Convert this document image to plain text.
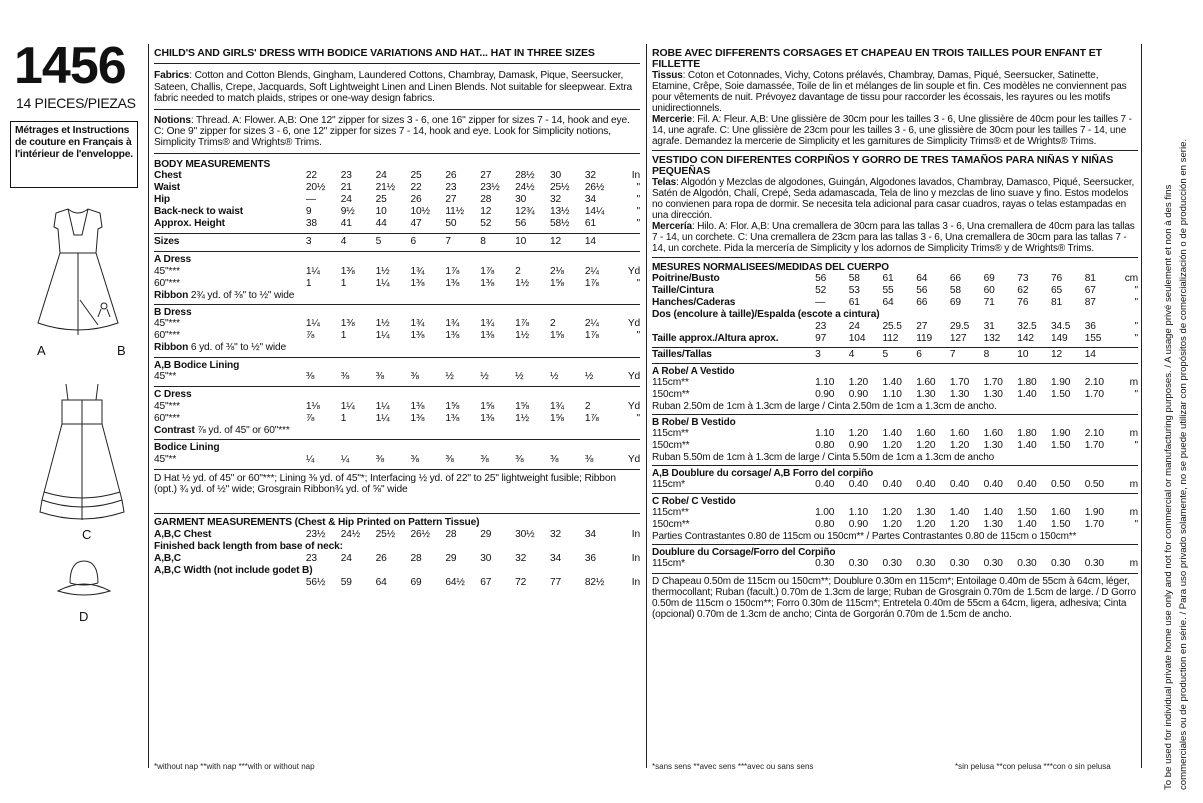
1456
14 PIECES/PIEZAS
Métrages et Instructions de couture en Français à l'intérieur de l'enveloppe.
A	B
C
D
CHILD'S AND GIRLS' DRESS WITH BODICE VARIATIONS AND HAT... HAT IN THREE SIZES
Fabrics: Cotton and Cotton Blends, Gingham, Laundered Cottons, Chambray, Damask, Pique, Seersucker, Sateen, Challis, Crepe, Jacquards, Soft Lightweight Linen and Linen Blends. Not suitable for sleepwear. Extra fabric needed to match plaids, stripes or one-way design fabrics.
Notions: Thread. A: Flower. A,B: One 12" zipper for sizes 3 - 6, one 16" zipper for sizes 7 - 14, hook and eye. C: One 9" zipper for sizes 3 - 6, one 12" zipper for sizes 7 - 14, hook and eye. Look for Simplicity notions, Simplicity Trims® and Wrights® Trims.
BODY MEASUREMENTS
Chest	22	23	24	25	26	27	28½	30	32	In
Waist	20½	21	21½	22	23	23½	24½	25½	26½	"
Hip	—	24	25	26	27	28	30	32	34	"
Back-neck to waist	9	9½	10	10½	11½	12	12¾	13½	14¼	"
Approx. Height	38	41	44	47	50	52	56	58½	61	"
Sizes	3	4	5	6	7	8	10	12	14	
A Dress
45"***	1¼	1⅜	1½	1¾	1⅞	1⅞	2	2⅛	2¼	Yd
60"***	1	1	1¼	1⅜	1⅜	1⅜	1½	1⅝	1⅞	"
Ribbon 2¾ yd. of ⅜" to ½" wide
B Dress
45"***	1¼	1⅜	1½	1¾	1¾	1¾	1⅞	2	2¼	Yd
60"***	⅞	1	1¼	1⅜	1⅜	1⅜	1½	1⅝	1⅞	"
Ribbon 6 yd. of ⅜" to ½" wide
A,B Bodice Lining
45"**	⅜	⅜	⅜	⅜	½	½	½	½	½	Yd
C Dress
45"***	1⅛	1¼	1¼	1⅜	1⅝	1⅝	1⅝	1¾	2	Yd
60"***	⅞	1	1¼	1⅜	1⅜	1⅜	1½	1⅝	1⅞	"
Contrast ⅞ yd. of 45" or 60"***
Bodice Lining
45"**	¼	¼	⅜	⅜	⅜	⅜	⅜	⅜	⅜	Yd
D Hat ½ yd. of 45" or 60"***; Lining ⅜ yd. of 45"*; Interfacing ½ yd. of 22" to 25" lightweight fusible; Ribbon (opt.) ¾ yd. of ½" wide; Grosgrain Ribbon¾ yd. of ⅝" wide
GARMENT MEASUREMENTS (Chest & Hip Printed on Pattern Tissue)
A,B,C Chest	23½	24½	25½	26½	28	29	30½	32	34	In
Finished back length from base of neck:										
A,B,C	23	24	26	28	29	30	32	34	36	In
A,B,C Width (not include godet B)										
	56½	59	64	69	64½	67	72	77	82½	In
*without nap **with nap ***with or without nap
ROBE AVEC DIFFERENTS CORSAGES ET CHAPEAU EN TROIS TAILLES POUR ENFANT ET FILLETTE
Tissus: Coton et Cotonnades, Vichy, Cotons prélavés, Chambray, Damas, Piqué, Seersucker, Satinette, Etamine, Crêpe, Soie damassée, Toile de lin et mélanges de lin souple et fin. Ces modèles ne conviennent pas pour vêtements de nuit. Prévoyez davantage de tissu pour raccorder les écossais, les rayures ou les motifs unidirectionnels.
Mercerie: Fil. A: Fleur. A,B: Une glissière de 30cm pour les tailles 3 - 6, Une glissière de 40cm pour les tailles 7 - 14, une agrafe. C: Une glissière de 23cm pour les tailles 3 - 6, une glissière de 30cm pour les tailles 7 - 14, une agrafe. Demandez la mercerie de Simplicity et les garnitures de Simplicity Trims® et de Wrights® Trims.
VESTIDO CON DIFERENTES CORPIÑOS Y GORRO DE TRES TAMAÑOS PARA NIÑAS Y NIÑAS PEQUEÑAS
Telas: Algodón y Mezclas de algodones, Guingán, Algodones lavados, Chambray, Damasco, Piqué, Seersucker, Satén de Algodón, Chalí, Crepé, Seda adamascada, Tela de lino y mezclas de lino suave y fino. Estos modelos no convienen para ropa de dormir. Se necesita tela adicional para casar cuadros, rayas o telas estampadas en una dirección.
Mercería: Hilo. A: Flor. A,B: Una cremallera de 30cm para las tallas 3 - 6, Una cremallera de 40cm para las tallas 7 - 14, un corchete. C: Una cremallera de 23cm para las tallas 3 - 6, Una cremallera de 30cm para las tallas 7 - 14, un corchete. Pida la mercería de Simplicity y los adornos de Simplicity Trims® y de Wrights® Trims.
MESURES NORMALISEES/MEDIDAS DEL CUERPO
Poitrine/Busto	56	58	61	64	66	69	73	76	81	cm
Taille/Cintura	52	53	55	56	58	60	62	65	67	"
Hanches/Caderas	—	61	64	66	69	71	76	81	87	"
Dos (encolure à taille)/Espalda (escote a cintura)										
	23	24	25.5	27	29.5	31	32.5	34.5	36	"
Taille approx./Altura aprox.	97	104	112	119	127	132	142	149	155	"
Tailles/Tallas	3	4	5	6	7	8	10	12	14	
A Robe/ A Vestido
115cm**	1.10	1.20	1.40	1.60	1.70	1.70	1.80	1.90	2.10	m
150cm**	0.90	0.90	1.10	1.30	1.30	1.30	1.40	1.50	1.70	"
Ruban 2.50m de 1cm à 1.3cm de large / Cinta 2.50m de 1cm a 1.3cm de ancho.
B Robe/ B Vestido
115cm**	1.10	1.20	1.40	1.60	1.60	1.60	1.80	1.90	2.10	m
150cm**	0.80	0.90	1.20	1.20	1.20	1.30	1.40	1.50	1.70	"
Ruban 5.50m de 1cm à 1.3cm de large / Cinta 5.50m de 1cm a 1.3cm de ancho
A,B Doublure du corsage/ A,B Forro del corpiño
115cm*	0.40	0.40	0.40	0.40	0.40	0.40	0.40	0.50	0.50	m
C Robe/ C Vestido
115cm**	1.00	1.10	1.20	1.30	1.40	1.40	1.50	1.60	1.90	m
150cm**	0.80	0.90	1.20	1.20	1.20	1.30	1.40	1.50	1.70	"
Parties Contrastantes 0.80 de 115cm ou 150cm** / Partes Contrastantes 0.80 de 115cm o 150cm**
Doublure du Corsage/Forro del Corpiño
115cm*	0.30	0.30	0.30	0.30	0.30	0.30	0.30	0.30	0.30	m
D Chapeau 0.50m de 115cm ou 150cm**; Doublure 0.30m en 115cm*; Entoilage 0.40m de 55cm à 64cm, léger, thermocollant; Ruban (facult.) 0.70m de 1.3cm de large; Ruban de Grosgrain 0.70m de 1.5cm de large. / D Gorro 0.50m de 115cm o 150cm**; Forro 0.30m de 115cm*; Entretela 0.40m de 55cm a 64cm, ligera, adhesiva; Cinta (opcional) 0.70m de 1.3cm de ancho; Cinta de Gorgorán 0.70m de 1.5cm de ancho.
*sans sens **avec sens ***avec ou sans sens	*sin pelusa **con pelusa ***con o sin pelusa	To be used for individual private home use only and not for commercial or manufacturing purposes. / A usage privé seulement et non à des fins commerciales ou de production en série. / Para uso privado solamente, no se puede utilizar con propósitos de comercialización o de producción en serie.
